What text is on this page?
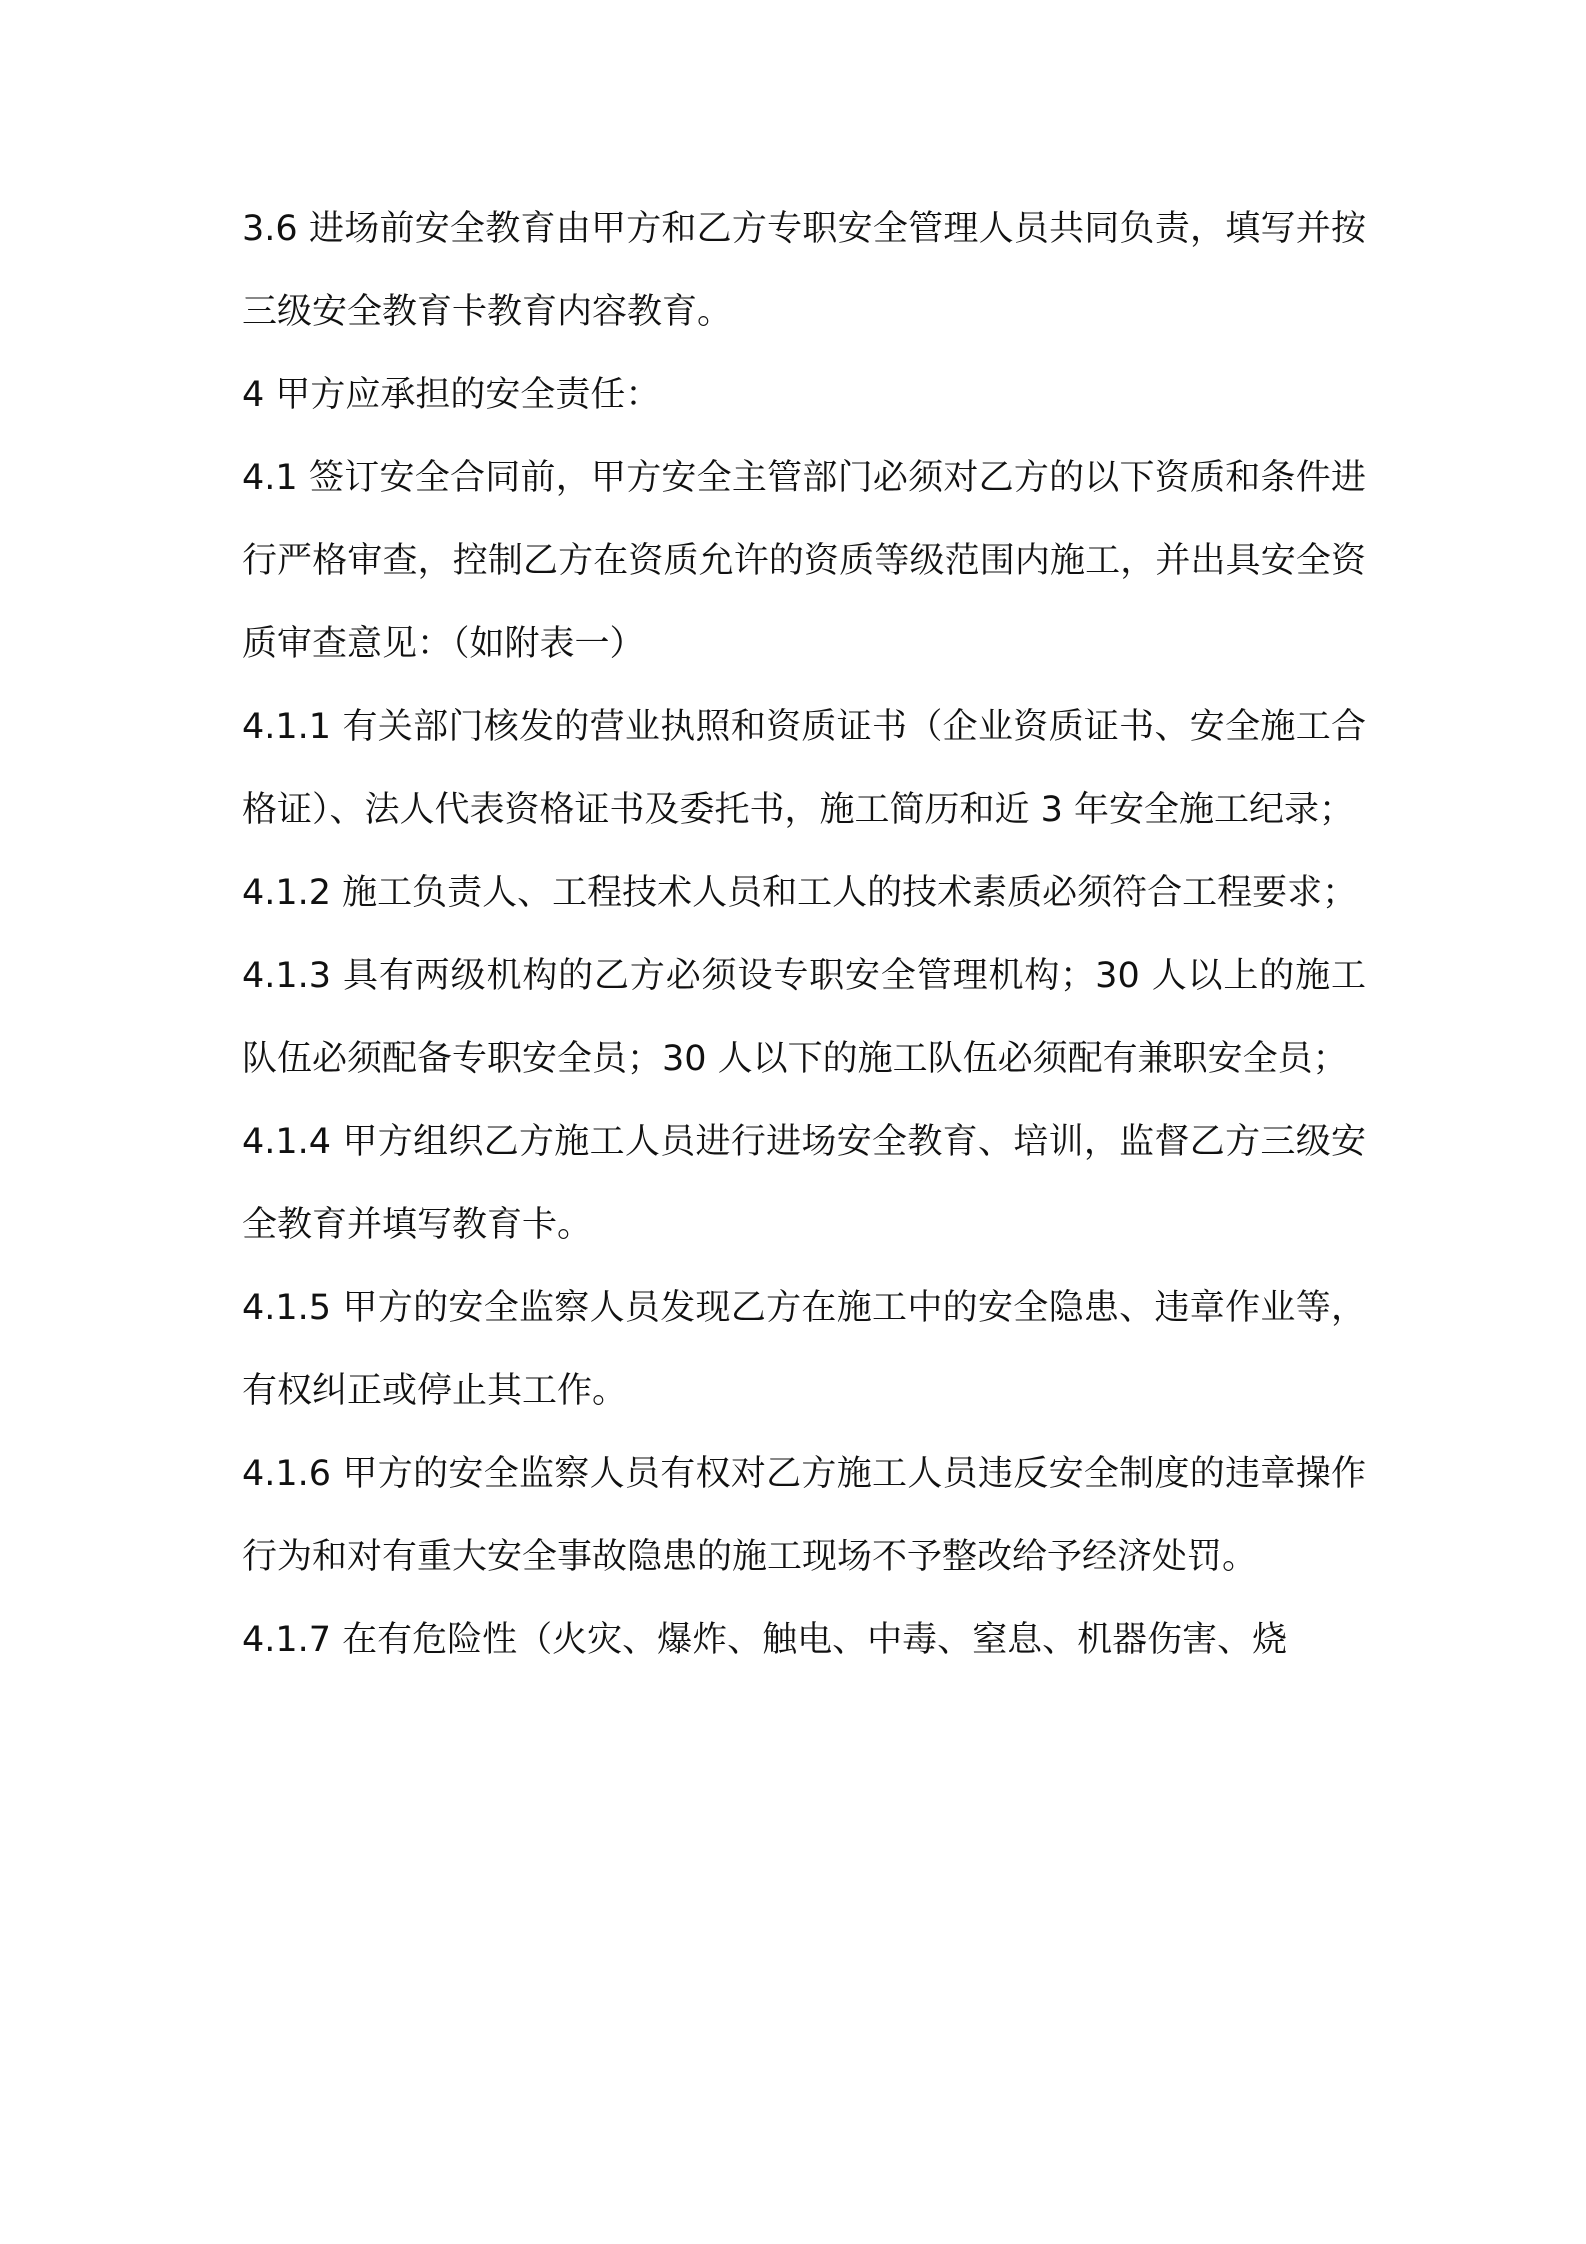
3.6 进场前安全教育由甲方和乙方专职安全管理人员共同负责，填写并按三级安全教育卡教育内容教育。

4 甲方应承担的安全责任：

4.1 签订安全合同前，甲方安全主管部门必须对乙方的以下资质和条件进行严格审查，控制乙方在资质允许的资质等级范围内施工，并出具安全资质审查意见：（如附表一）

4.1.1 有关部门核发的营业执照和资质证书（企业资质证书、安全施工合格证）、法人代表资格证书及委托书，施工简历和近 3 年安全施工纪录；

4.1.2 施工负责人、工程技术人员和工人的技术素质必须符合工程要求；

4.1.3 具有两级机构的乙方必须设专职安全管理机构；30 人以上的施工队伍必须配备专职安全员；30 人以下的施工队伍必须配有兼职安全员；

4.1.4 甲方组织乙方施工人员进行进场安全教育、培训，监督乙方三级安全教育并填写教育卡。

4.1.5 甲方的安全监察人员发现乙方在施工中的安全隐患、违章作业等，有权纠正或停止其工作。

4.1.6 甲方的安全监察人员有权对乙方施工人员违反安全制度的违章操作行为和对有重大安全事故隐患的施工现场不予整改给予经济处罚。

4.1.7 在有危险性（火灾、爆炸、触电、中毒、窒息、机器伤害、烧
